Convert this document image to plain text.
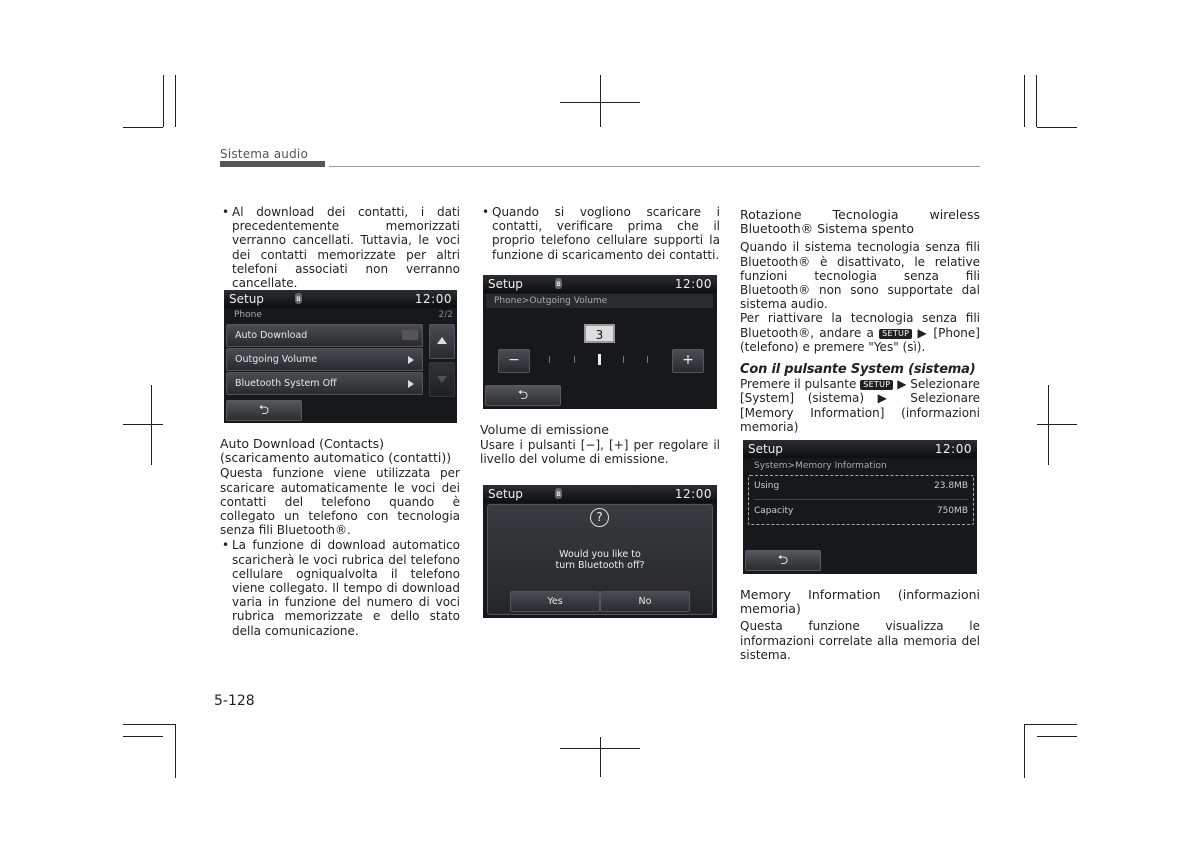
Sistema audio

• Al download dei contatti, i dati precedentemente memorizzati verranno cancellati. Tuttavia, le voci dei contatti memorizzate per altri telefoni associati non verranno cancellate.

Setup	ʙ	12:00
Phone	2/2
Auto Download
Outgoing Volume
Bluetooth System Off
⮌

Auto Download (Contacts) (scaricamento automatico (contatti))

Questa funzione viene utilizzata per scaricare automaticamente le voci dei contatti del telefono quando è collegato un telefono con tecnologia senza fili Bluetooth®.

• La funzione di download automatico scaricherà le voci rubrica del telefono cellulare ogniqualvolta il telefono viene collegato. Il tempo di download varia in funzione del numero di voci rubrica memorizzate e dello stato della comunicazione.

• Quando si vogliono scaricare i contatti, verificare prima che il proprio telefono cellulare supporti la funzione di scaricamento dei contatti.

Setup	ʙ	12:00
Phone>Outgoing Volume
3
−	+
⮌

Volume di emissione

Usare i pulsanti [−], [+] per regolare il livello del volume di emissione.

Setup	ʙ	12:00
?
Would you like to
turn Bluetooth off?
Yes	No

Rotazione Tecnologia wireless Bluetooth® Sistema spento

Quando il sistema tecnologia senza fili Bluetooth® è disattivato, le relative funzioni tecnologia senza fili Bluetooth® non sono supportate dal sistema audio.

Per riattivare la tecnologia senza fili Bluetooth®, andare a SETUP ▶ [Phone] (telefono) e premere "Yes" (sì).

Con il pulsante System (sistema)

Premere il pulsante SETUP ▶ Selezionare [System] (sistema) ▶ Selezionare [Memory Information] (informazioni memoria)

Setup	12:00
System>Memory Information
Using	23.8MB
Capacity	750MB
⮌

Memory Information (informazioni memoria)

Questa funzione visualizza le informazioni correlate alla memoria del sistema.

5-128
